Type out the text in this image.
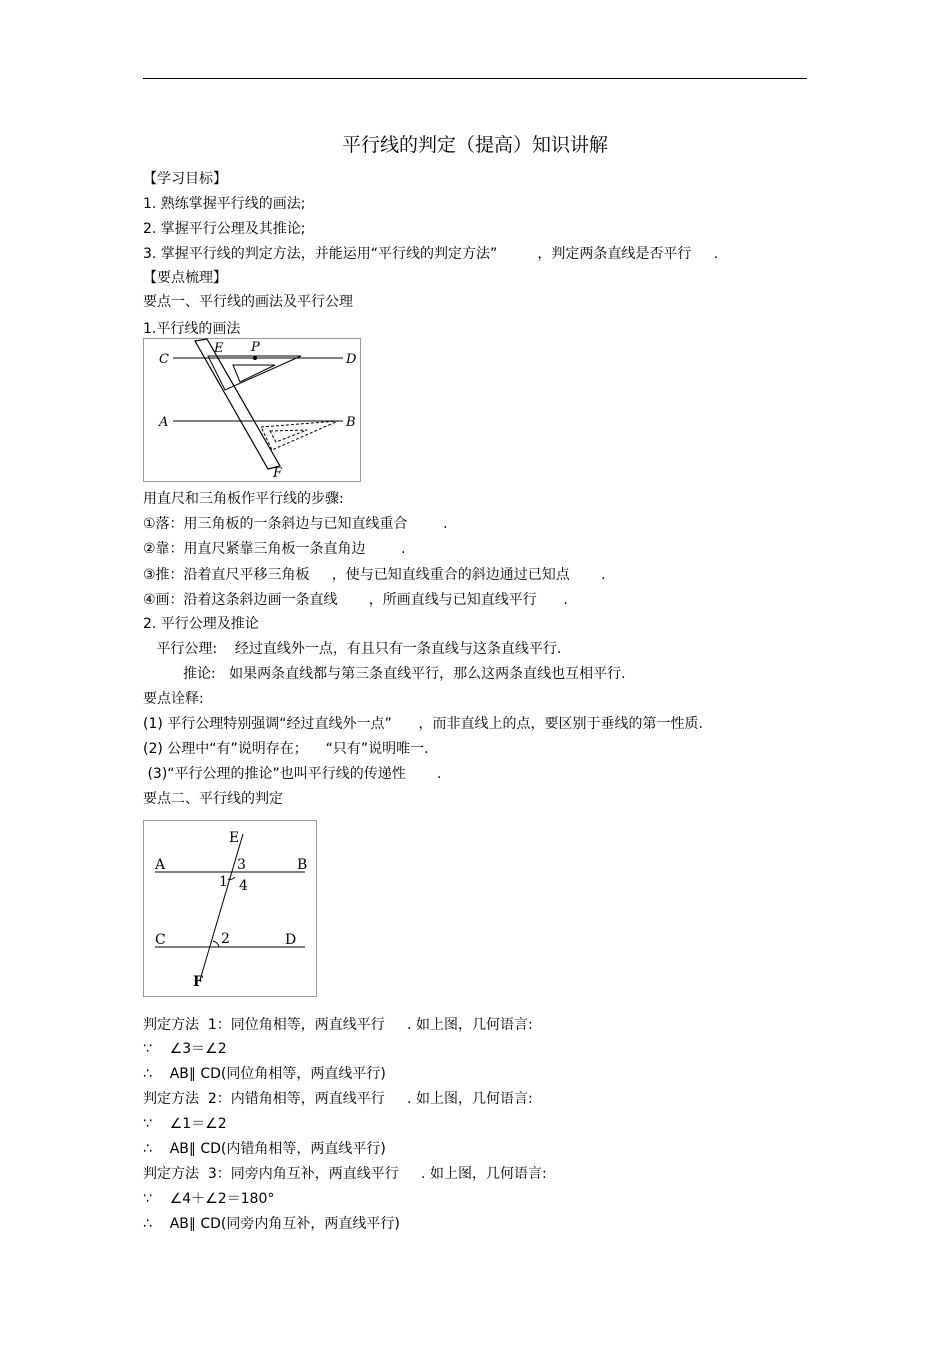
平行线的判定（提高）知识讲解
【学习目标】
1. 熟练掌握平行线的画法;
2. 掌握平行公理及其推论;
3. 掌握平行线的判定方法，并能运用“平行线的判定方法”         ，判定两条直线是否平行     .
【要点梳理】
要点一、平行线的画法及平行公理
1.平行线的画法
C
E P
D
A	B
F
用直尺和三角板作平行线的步骤:
①落：用三角板的一条斜边与已知直线重合        .
②靠：用直尺紧靠三角板一条直角边        .
③推：沿着直尺平移三角板     ，使与已知直线重合的斜边通过已知点       .
④画：沿着这条斜边画一条直线       ，所画直线与已知直线平行      .
2. 平行公理及推论
平行公理:    经过直线外一点，有且只有一条直线与这条直线平行.
推论:   如果两条直线都与第三条直线平行，那么这两条直线也互相平行.
要点诠释:
(1) 平行公理特别强调“经过直线外一点”      ，而非直线上的点，要区别于垂线的第一性质.
(2) 公理中“有”说明存在；    “只有”说明唯一.
(3)“平行公理的推论”也叫平行线的传递性       .
要点二、平行线的判定
E
A	3	B
1 4
C	2	D
F
判定方法  1：同位角相等，两直线平行     . 如上图，几何语言:
∵    ∠3＝∠2
∴    AB∥ CD(同位角相等，两直线平行)
判定方法  2：内错角相等，两直线平行     . 如上图，几何语言:
∵    ∠1＝∠2
∴    AB∥ CD(内错角相等，两直线平行)
判定方法  3：同旁内角互补，两直线平行     . 如上图，几何语言:
∵    ∠4＋∠2＝180°
∴    AB∥ CD(同旁内角互补，两直线平行)
